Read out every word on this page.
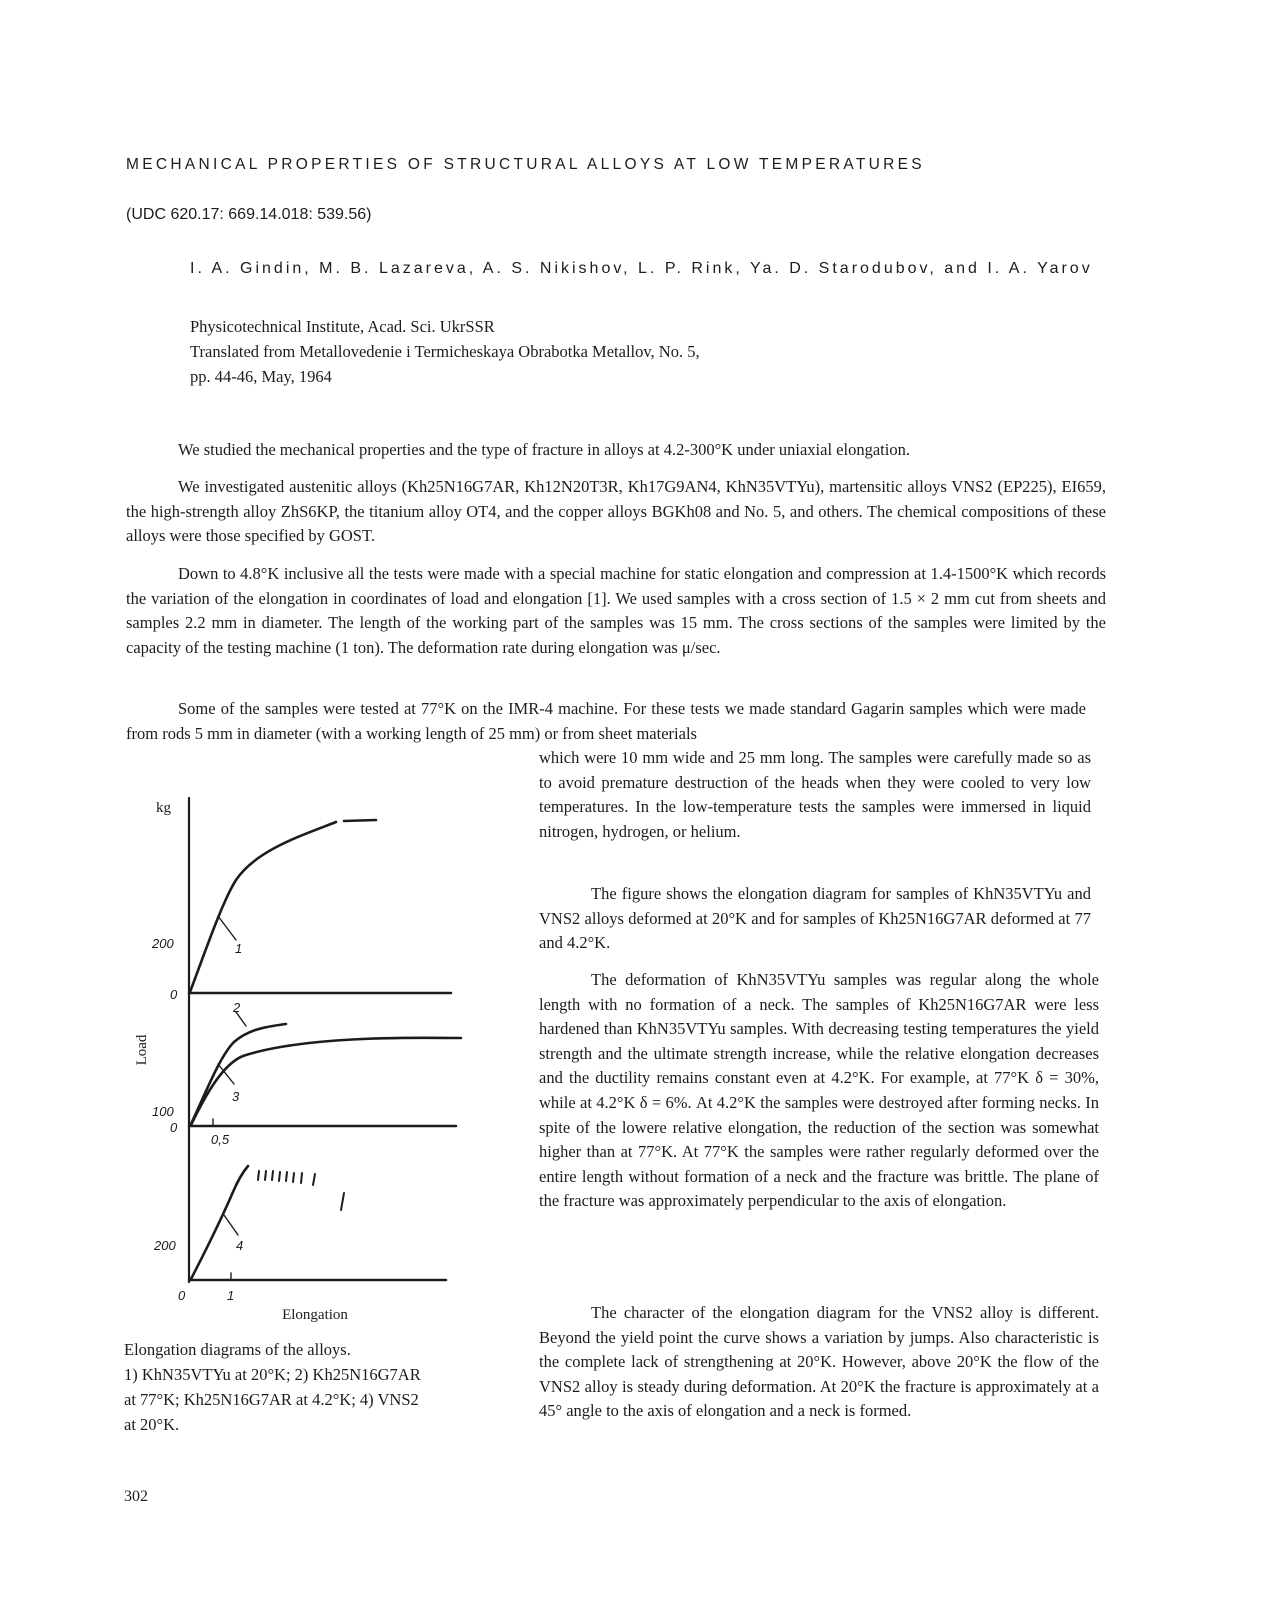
MECHANICAL PROPERTIES OF STRUCTURAL ALLOYS AT LOW TEMPERATURES
(UDC 620.17: 669.14.018: 539.56)
I. A. Gindin, M. B. Lazareva, A. S. Nikishov, L. P. Rink, Ya. D. Starodubov, and I. A. Yarov
Physicotechnical Institute, Acad. Sci. UkrSSR
Translated from Metallovedenie i Termicheskaya Obrabotka Metallov, No. 5,
pp. 44-46, May, 1964
We studied the mechanical properties and the type of fracture in alloys at 4.2-300°K under uniaxial elongation.
We investigated austenitic alloys (Kh25N16G7AR, Kh12N20T3R, Kh17G9AN4, KhN35VTYu), martensitic alloys VNS2 (EP225), EI659, the high-strength alloy ZhS6KP, the titanium alloy OT4, and the copper alloys BGKh08 and No. 5, and others. The chemical compositions of these alloys were those specified by GOST.
Down to 4.8°K inclusive all the tests were made with a special machine for static elongation and compression at 1.4-1500°K which records the variation of the elongation in coordinates of load and elongation [1]. We used samples with a cross section of 1.5 × 2 mm cut from sheets and samples 2.2 mm in diameter. The length of the working part of the samples was 15 mm. The cross sections of the samples were limited by the capacity of the testing machine (1 ton). The deformation rate during elongation was μ/sec.
Some of the samples were tested at 77°K on the IMR-4 machine. For these tests we made standard Gagarin samples which were made from rods 5 mm in diameter (with a working length of 25 mm) or from sheet materials
which were 10 mm wide and 25 mm long. The samples were carefully made so as to avoid premature destruction of the heads when they were cooled to very low temperatures. In the low-temperature tests the samples were immersed in liquid nitrogen, hydrogen, or helium.
The figure shows the elongation diagram for samples of KhN35VTYu and VNS2 alloys deformed at 20°K and for samples of Kh25N16G7AR deformed at 77 and 4.2°K.
The deformation of KhN35VTYu samples was regular along the whole length with no formation of a neck. The samples of Kh25N16G7AR were less hardened than KhN35VTYu samples. With decreasing testing temperatures the yield strength and the ultimate strength increase, while the relative elongation decreases and the ductility remains constant even at 4.2°K. For example, at 77°K δ = 30%, while at 4.2°K δ = 6%. At 4.2°K the samples were destroyed after forming necks. In spite of the lowere relative elongation, the reduction of the section was somewhat higher than at 77°K. At 77°K the samples were rather regularly deformed over the entire length without formation of a neck and the fracture was brittle. The plane of the fracture was approximately perpendicular to the axis of elongation.
The character of the elongation diagram for the VNS2 alloy is different. Beyond the yield point the curve shows a variation by jumps. Also characteristic is the complete lack of strengthening at 20°K. However, above 20°K the flow of the VNS2 alloy is steady during deformation. At 20°K the fracture is approximately at a 45° angle to the axis of elongation and a neck is formed.
kg
Load
Elongation
200
0
100
0
0,5
200
0	1
1
2
3
4
Elongation diagrams of the alloys.
1) KhN35VTYu at 20°K; 2) Kh25N16G7AR
at 77°K; Kh25N16G7AR at 4.2°K; 4) VNS2
at 20°K.
302
